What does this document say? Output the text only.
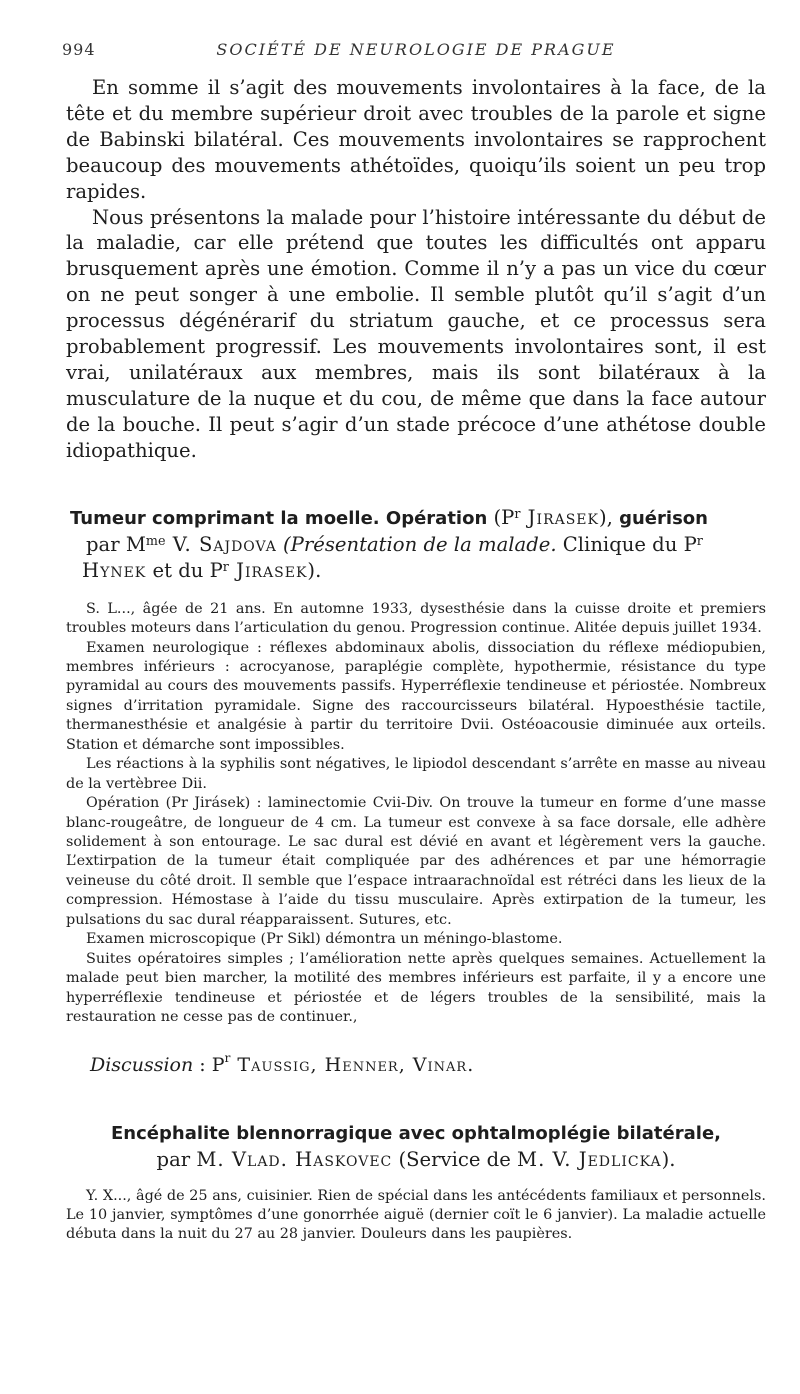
994	SOCIÉTÉ DE NEUROLOGIE DE PRAGUE

En somme il s’agit des mouvements involontaires à la face, de la tête et du membre supérieur droit avec troubles de la parole et signe de Babinski bilatéral. Ces mouvements involontaires se rapprochent beaucoup des mouvements athétoïdes, quoiqu’ils soient un peu trop rapides.

Nous présentons la malade pour l’histoire intéressante du début de la maladie, car elle prétend que toutes les difficultés ont apparu brusquement après une émotion. Comme il n’y a pas un vice du cœur on ne peut songer à une embolie. Il semble plutôt qu’il s’agit d’un processus dégénérarif du striatum gauche, et ce processus sera probablement progressif. Les mouvements involontaires sont, il est vrai, unilatéraux aux membres, mais ils sont bilatéraux à la musculature de la nuque et du cou, de même que dans la face autour de la bouche. Il peut s’agir d’un stade précoce d’une athétose double idiopathique.

Tumeur comprimant la moelle. Opération ($P^r$ Jirasek), guérison
par $M^{me}$ V. Sajdova (Présentation de la malade. Clinique du $P^r$ Hynek et du $P^r$ Jirasek).

S. L..., âgée de 21 ans. En automne 1933, dysesthésie dans la cuisse droite et premiers troubles moteurs dans l’articulation du genou. Progression continue. Alitée depuis juillet 1934.

Examen neurologique : réflexes abdominaux abolis, dissociation du réflexe médiopubien, membres inférieurs : acrocyanose, paraplégie complète, hypothermie, résistance du type pyramidal au cours des mouvements passifs. Hyperréflexie tendineuse et périostée. Nombreux signes d’irritation pyramidale. Signe des raccourcisseurs bilatéral. Hypoesthésie tactile, thermanesthésie et analgésie à partir du territoire Dvii. Ostéoacousie diminuée aux orteils. Station et démarche sont impossibles.

Les réactions à la syphilis sont négatives, le lipiodol descendant s’arrête en masse au niveau de la vertèbree Dii.

Opération (Pr Jirásek) : laminectomie Cvii-Div. On trouve la tumeur en forme d’une masse blanc-rougeâtre, de longueur de 4 cm. La tumeur est convexe à sa face dorsale, elle adhère solidement à son entourage. Le sac dural est dévié en avant et légèrement vers la gauche. L’extirpation de la tumeur était compliquée par des adhérences et par une hémorragie veineuse du côté droit. Il semble que l’espace intraarachnoïdal est rétréci dans les lieux de la compression. Hémostase à l’aide du tissu musculaire. Après extirpation de la tumeur, les pulsations du sac dural réapparaissent. Sutures, etc.

Examen microscopique (Pr Sikl) démontra un méningo-blastome.

Suites opératoires simples ; l’amélioration nette après quelques semaines. Actuellement la malade peut bien marcher, la motilité des membres inférieurs est parfaite, il y a encore une hyperréflexie tendineuse et périostée et de légers troubles de la sensibilité, mais la restauration ne cesse pas de continuer.,

Discussion : $P^r$ Taussig, Henner, Vinar.
Encéphalite blennorragique avec ophtalmoplégie bilatérale,
par M. Vlad. Haskovec (Service de M. V. Jedlicka).

Y. X..., âgé de 25 ans, cuisinier. Rien de spécial dans les antécédents familiaux et personnels. Le 10 janvier, symptômes d’une gonorrhée aiguë (dernier coït le 6 janvier). La maladie actuelle débuta dans la nuit du 27 au 28 janvier. Douleurs dans les paupières.
